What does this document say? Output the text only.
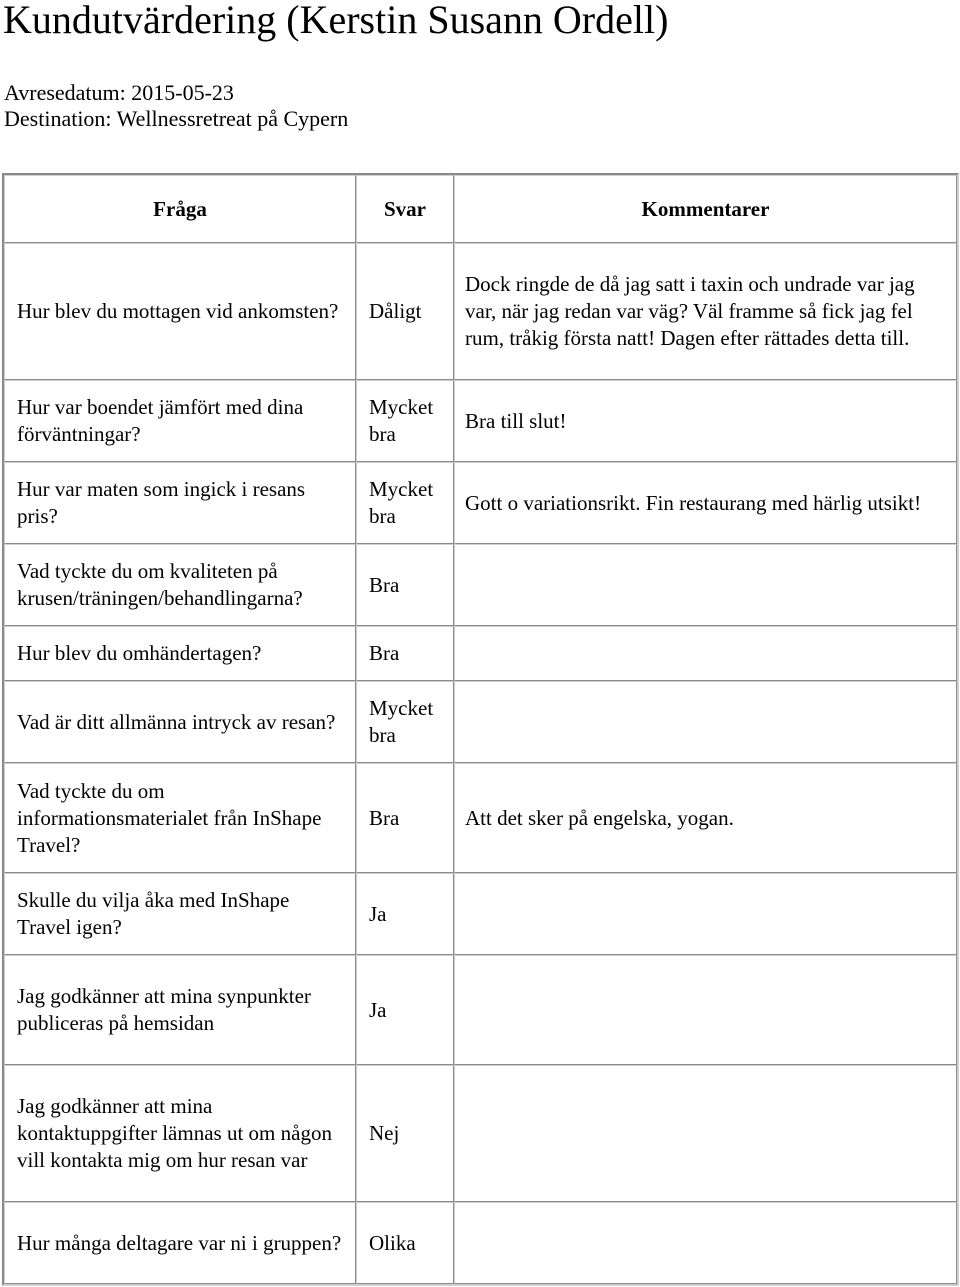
Kundutvärdering (Kerstin Susann Ordell)
Avresedatum: 2015-05-23
Destination: Wellnessretreat på Cypern
Fråga	Svar	Kommentarer
Hur blev du mottagen vid ankomsten?	Dåligt	Dock ringde de då jag satt i taxin och undrade var jag var, när jag redan var väg? Väl framme så fick jag fel rum, tråkig första natt! Dagen efter rättades detta till.
Hur var boendet jämfört med dina förväntningar?	Mycket bra	Bra till slut!
Hur var maten som ingick i resans pris?	Mycket bra	Gott o variationsrikt. Fin restaurang med härlig utsikt!
Vad tyckte du om kvaliteten på krusen/träningen/behandlingarna?	Bra	
Hur blev du omhändertagen?	Bra	
Vad är ditt allmänna intryck av resan?	Mycket bra	
Vad tyckte du om informationsmaterialet från InShape Travel?	Bra	Att det sker på engelska, yogan.
Skulle du vilja åka med InShape Travel igen?	Ja	
Jag godkänner att mina synpunkter publiceras på hemsidan	Ja	
Jag godkänner att mina kontaktuppgifter lämnas ut om någon vill kontakta mig om hur resan var	Nej	
Hur många deltagare var ni i gruppen?	Olika	
